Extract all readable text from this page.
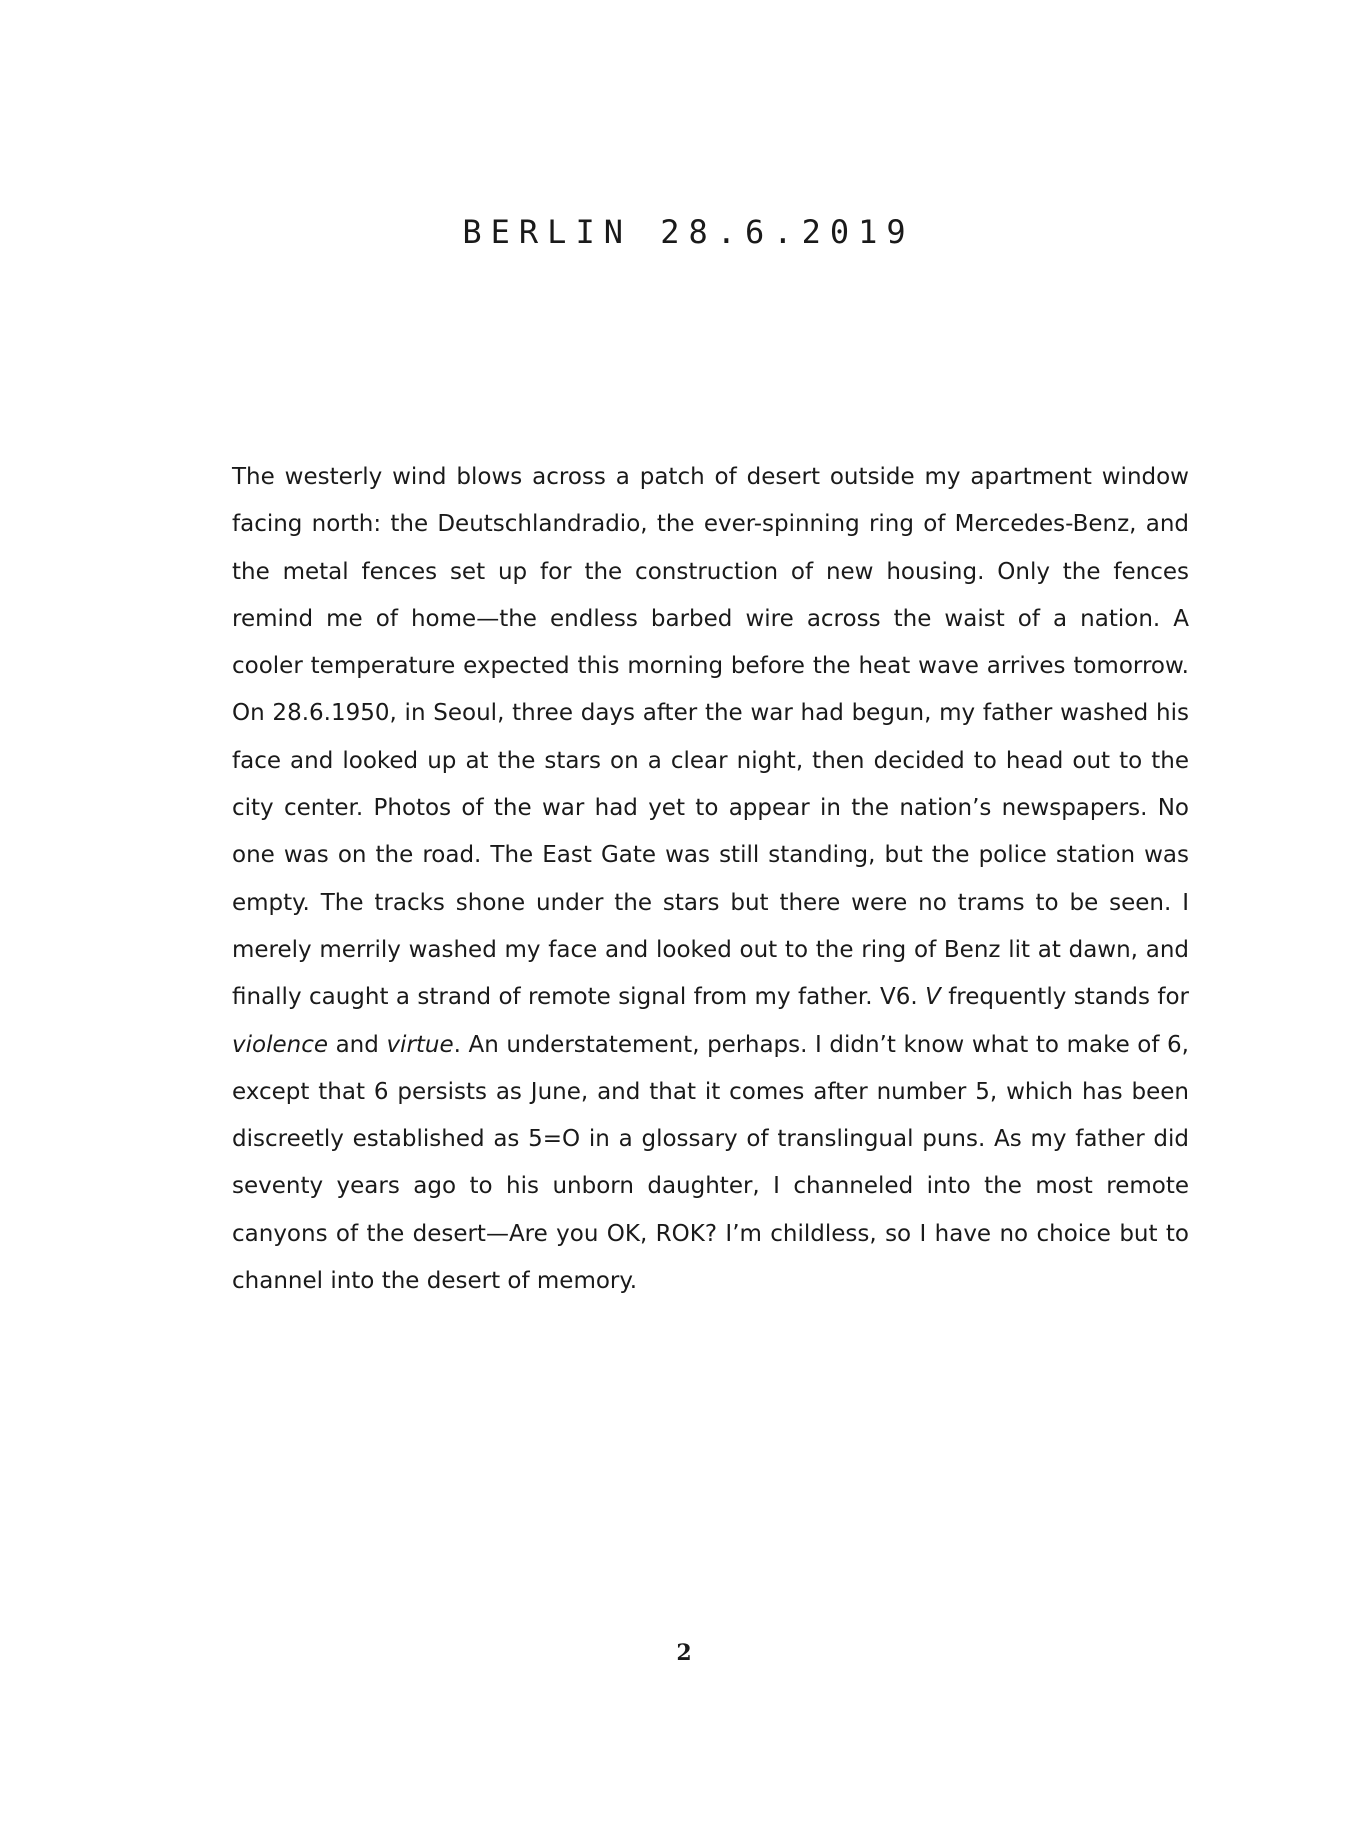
BERLIN 28.6.2019

The westerly wind blows across a patch of desert outside my apartment window facing north: the Deutschlandradio, the ever-spinning ring of Mercedes-Benz, and the metal fences set up for the construction of new housing. Only the fences remind me of home—the endless barbed wire across the waist of a nation. A cooler temperature expected this morning before the heat wave arrives tomorrow. On 28.6.1950, in Seoul, three days after the war had begun, my father washed his face and looked up at the stars on a clear night, then decided to head out to the city center. Photos of the war had yet to appear in the nation’s newspapers. No one was on the road. The East Gate was still standing, but the police station was empty. The tracks shone under the stars but there were no trams to be seen. I merely merrily washed my face and looked out to the ring of Benz lit at dawn, and finally caught a strand of remote signal from my father. V6. V frequently stands for violence and virtue. An understatement, perhaps. I didn’t know what to make of 6, except that 6 persists as June, and that it comes after number 5, which has been discreetly established as 5=O in a glossary of translingual puns. As my father did seventy years ago to his unborn daughter, I channeled into the most remote canyons of the desert—Are you OK, ROK? I’m childless, so I have no choice but to channel into the desert of memory.

2
